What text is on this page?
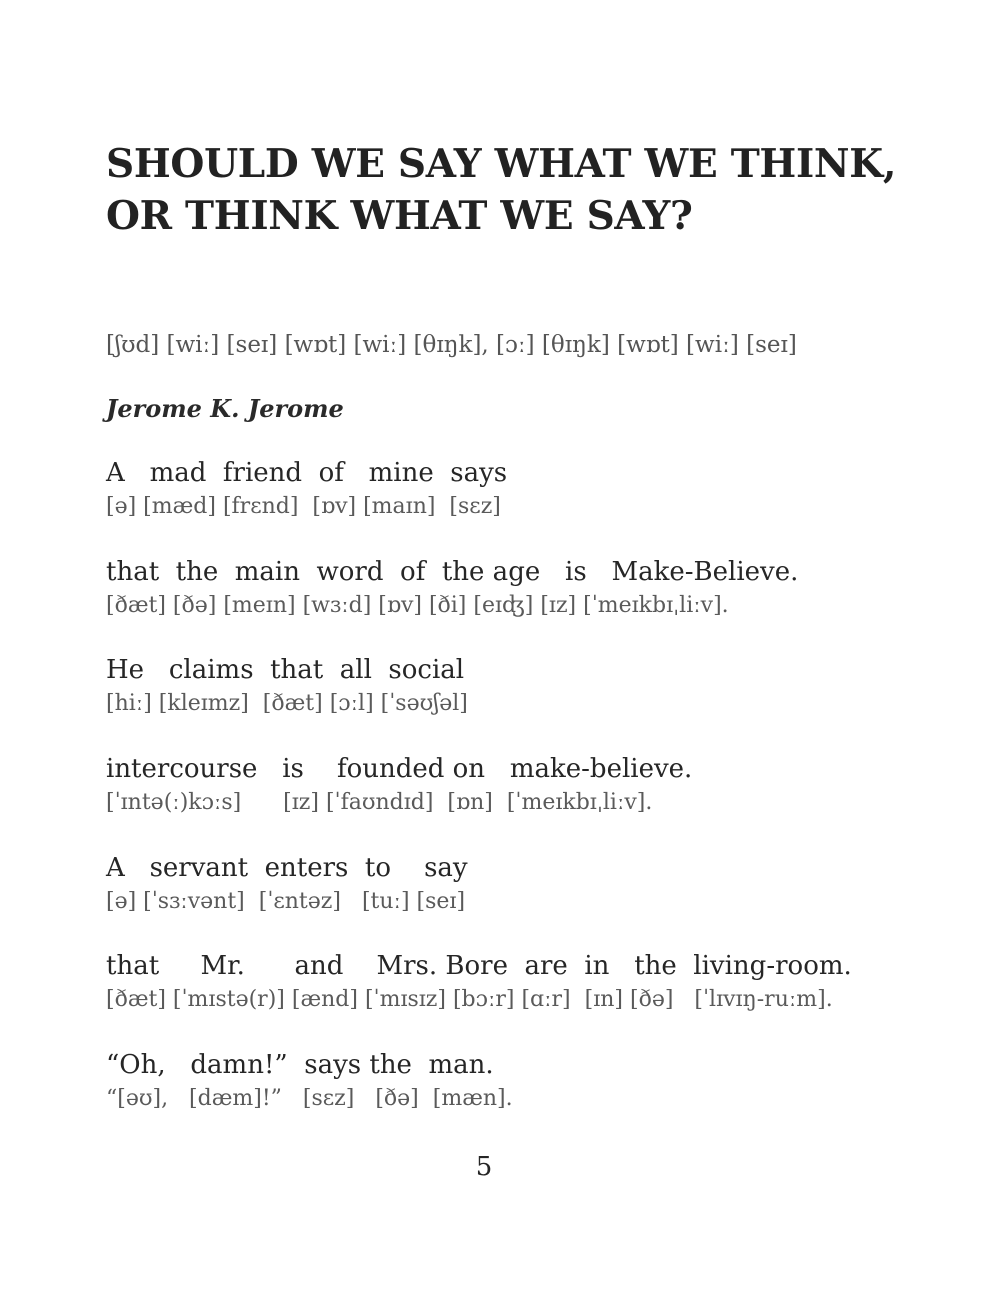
SHOULD WE SAY WHAT WE THINK, OR THINK WHAT WE SAY?
[ʃʊd] [wiː] [seɪ] [wɒt] [wiː] [θɪŋk], [ɔː] [θɪŋk] [wɒt] [wiː] [seɪ]
Jerome K. Jerome
A   mad  friend  of   mine  says
[ə] [mæd] [frɛnd]  [ɒv] [maɪn]  [sɛz]
that  the  main  word  of  the age   is   Make-Believe.
[ðæt] [ðə] [meɪn] [wɜːd] [ɒv] [ði] [eɪʤ] [ɪz] [ˈmeɪkbɪˌliːv].
He   claims  that  all  social
[hiː] [kleɪmz]  [ðæt] [ɔːl] [ˈsəʊʃəl]
intercourse   is    founded on   make-believe.
[ˈɪntə(ː)kɔːs]      [ɪz] [ˈfaʊndɪd]  [ɒn]  [ˈmeɪkbɪˌliːv].
A   servant  enters  to    say
[ə] [ˈsɜːvənt]  [ˈɛntəz]   [tuː] [seɪ]
that     Mr.      and    Mrs. Bore  are  in   the  living-room.
[ðæt] [ˈmɪstə(r)] [ænd] [ˈmɪsɪz] [bɔːr] [ɑːr]  [ɪn] [ðə]   [ˈlɪvɪŋ-ruːm].
“Oh,   damn!”  says the  man.
“[əʊ],   [dæm]!”   [sɛz]   [ðə]  [mæn].
5
